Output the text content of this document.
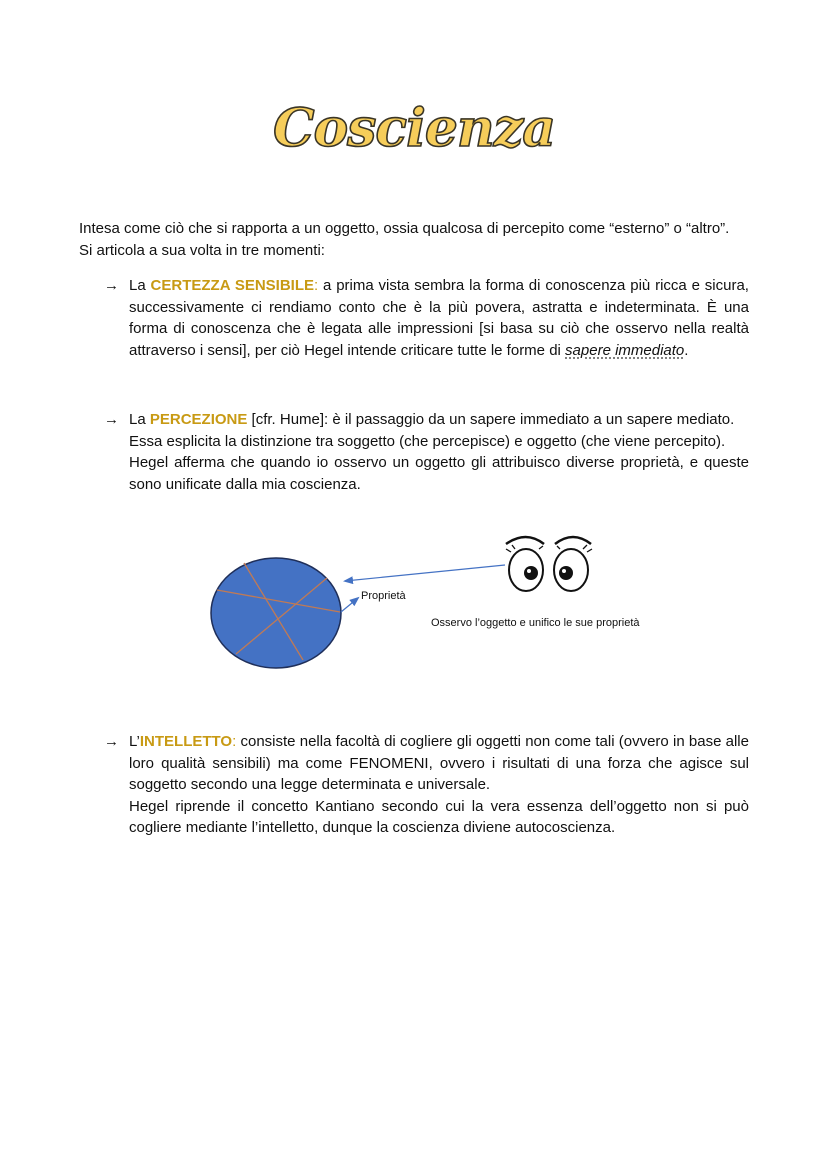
Coscienza

Intesa come ciò che si rapporta a un oggetto, ossia qualcosa di percepito come “esterno” o “altro”.

Si articola a sua volta in tre momenti:

→ La CERTEZZA SENSIBILE: a prima vista sembra la forma di conoscenza più ricca e sicura, successivamente ci rendiamo conto che è la più povera, astratta e indeterminata. È una forma di conoscenza che è legata alle impressioni [si basa su ciò che osservo nella realtà attraverso i sensi], per ciò Hegel intende criticare tutte le forme di sapere immediato.

→ La PERCEZIONE [cfr. Hume]: è il passaggio da un sapere immediato a un sapere mediato. Essa esplicita la distinzione tra soggetto (che percepisce) e oggetto (che viene percepito).

Hegel afferma che quando io osservo un oggetto gli attribuisco diverse proprietà, e queste sono unificate dalla mia coscienza.

Proprietà
Osservo l’oggetto e unifico le sue proprietà
→ L’INTELLETTO: consiste nella facoltà di cogliere gli oggetti non come tali (ovvero in base alle loro qualità sensibili) ma come FENOMENI, ovvero i risultati di una forza che agisce sul soggetto secondo una legge determinata e universale.

Hegel riprende il concetto Kantiano secondo cui la vera essenza dell’oggetto non si può cogliere mediante l’intelletto, dunque la coscienza diviene autocoscienza.
